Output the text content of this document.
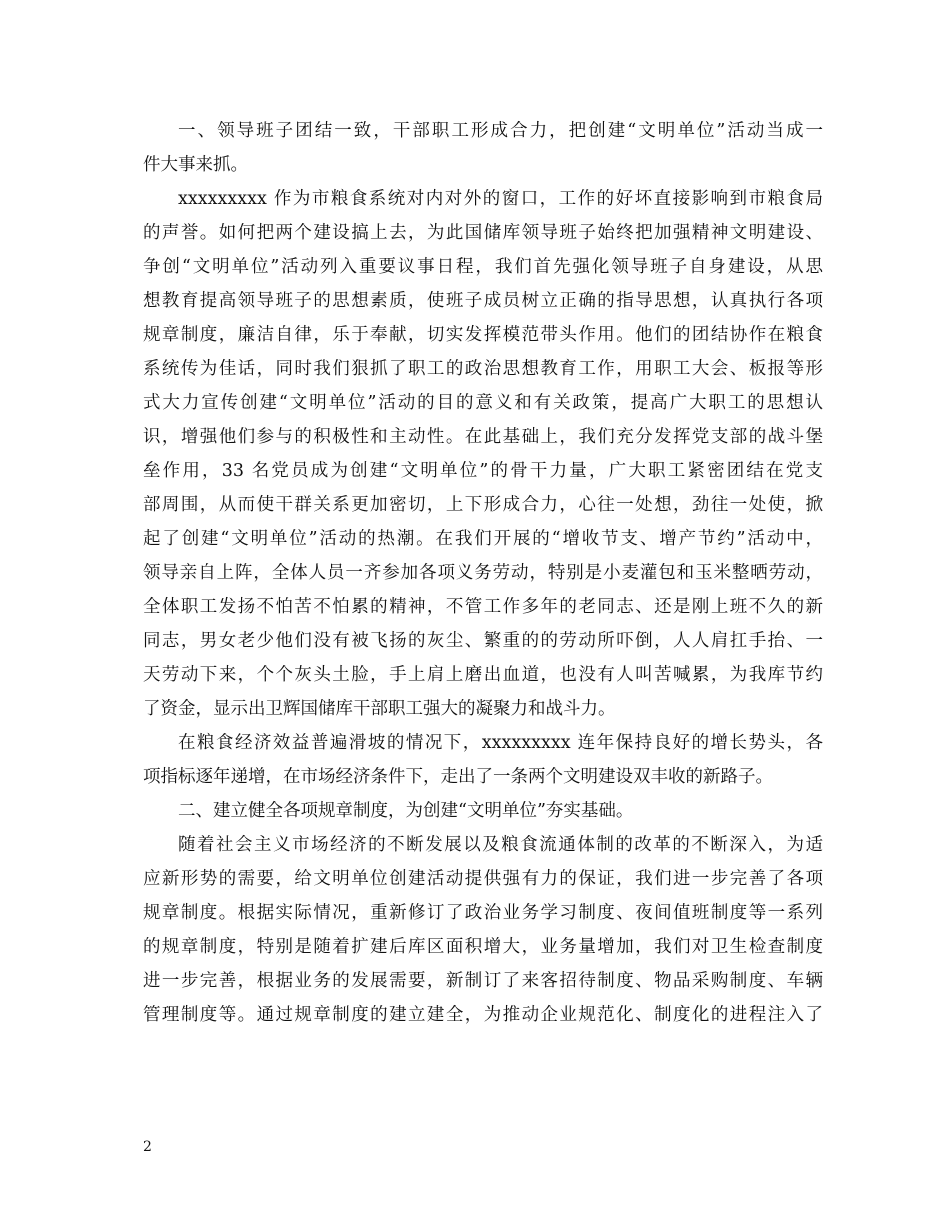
一、领导班子团结一致，干部职工形成合力，把创建“文明单位”活动当成一
件大事来抓。
xxxxxxxxx 作为市粮食系统对内对外的窗口，工作的好坏直接影响到市粮食局
的声誉。如何把两个建设搞上去，为此国储库领导班子始终把加强精神文明建设、
争创“文明单位”活动列入重要议事日程，我们首先强化领导班子自身建设，从思
想教育提高领导班子的思想素质，使班子成员树立正确的指导思想，认真执行各项
规章制度，廉洁自律，乐于奉献，切实发挥模范带头作用。他们的团结协作在粮食
系统传为佳话，同时我们狠抓了职工的政治思想教育工作，用职工大会、板报等形
式大力宣传创建“文明单位”活动的目的意义和有关政策，提高广大职工的思想认
识，增强他们参与的积极性和主动性。在此基础上，我们充分发挥党支部的战斗堡
垒作用，33 名党员成为创建“文明单位”的骨干力量，广大职工紧密团结在党支
部周围，从而使干群关系更加密切，上下形成合力，心往一处想，劲往一处使，掀
起了创建“文明单位”活动的热潮。在我们开展的“增收节支、增产节约”活动中，
领导亲自上阵，全体人员一齐参加各项义务劳动，特别是小麦灌包和玉米整晒劳动，
全体职工发扬不怕苦不怕累的精神，不管工作多年的老同志、还是刚上班不久的新
同志，男女老少他们没有被飞扬的灰尘、繁重的的劳动所吓倒，人人肩扛手抬、一
天劳动下来，个个灰头土脸，手上肩上磨出血道，也没有人叫苦喊累，为我库节约
了资金，显示出卫辉国储库干部职工强大的凝聚力和战斗力。
在粮食经济效益普遍滑坡的情况下，xxxxxxxxx 连年保持良好的增长势头，各
项指标逐年递增，在市场经济条件下，走出了一条两个文明建设双丰收的新路子。
二、建立健全各项规章制度，为创建“文明单位”夯实基础。
随着社会主义市场经济的不断发展以及粮食流通体制的改革的不断深入，为适
应新形势的需要，给文明单位创建活动提供强有力的保证，我们进一步完善了各项
规章制度。根据实际情况，重新修订了政治业务学习制度、夜间值班制度等一系列
的规章制度，特别是随着扩建后库区面积增大，业务量增加，我们对卫生检查制度
进一步完善，根据业务的发展需要，新制订了来客招待制度、物品采购制度、车辆
管理制度等。通过规章制度的建立建全，为推动企业规范化、制度化的进程注入了
2
